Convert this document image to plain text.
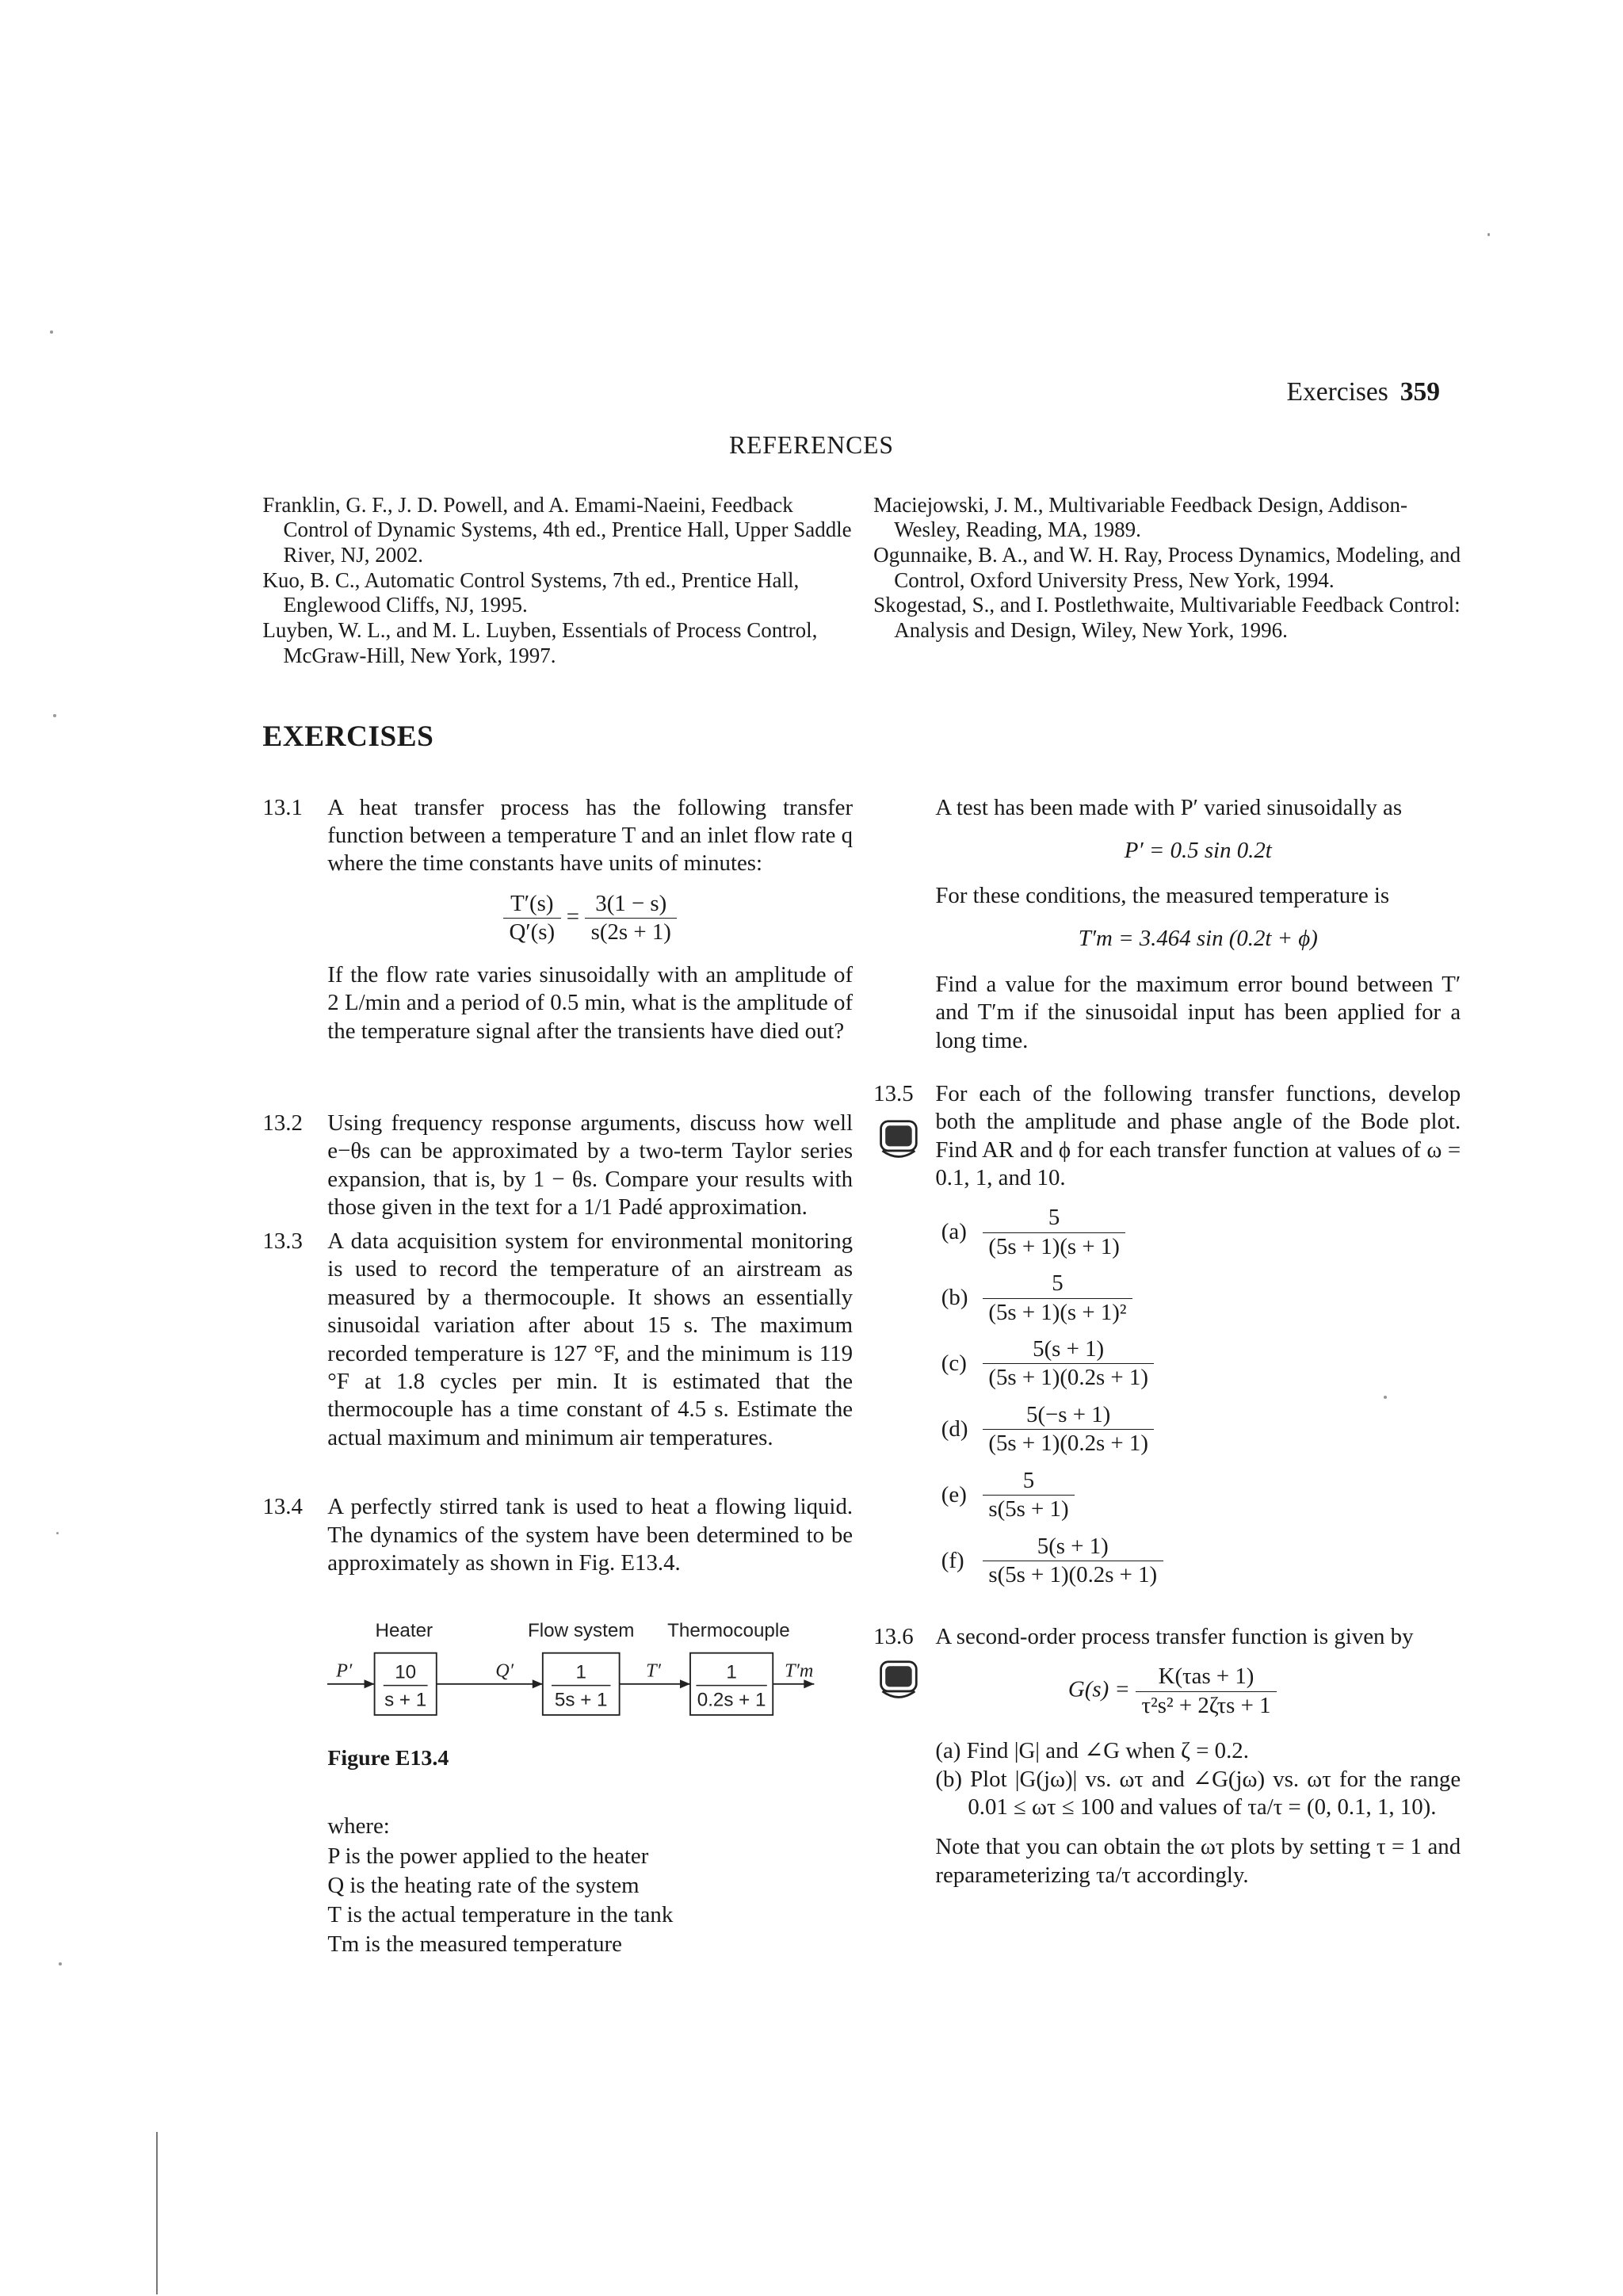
Exercises 359
REFERENCES

Franklin, G. F., J. D. Powell, and A. Emami-Naeini, Feedback Control of Dynamic Systems, 4th ed., Prentice Hall, Upper Saddle River, NJ, 2002.

Kuo, B. C., Automatic Control Systems, 7th ed., Prentice Hall, Englewood Cliffs, NJ, 1995.

Luyben, W. L., and M. L. Luyben, Essentials of Process Control, McGraw-Hill, New York, 1997.

Maciejowski, J. M., Multivariable Feedback Design, Addison-Wesley, Reading, MA, 1989.

Ogunnaike, B. A., and W. H. Ray, Process Dynamics, Modeling, and Control, Oxford University Press, New York, 1994.

Skogestad, S., and I. Postlethwaite, Multivariable Feedback Control: Analysis and Design, Wiley, New York, 1996.

EXERCISES
13.1 A heat transfer process has the following transfer function between a temperature T and an inlet flow rate q where the time constants have units of minutes:

$\frac{T'(s)}{Q'(s)} = \frac{3(1 - s)}{s(2s + 1)}$

If the flow rate varies sinusoidally with an amplitude of 2 L/min and a period of 0.5 min, what is the amplitude of the temperature signal after the transients have died out?

13.2 Using frequency response arguments, discuss how well e−θs can be approximated by a two-term Taylor series expansion, that is, by 1 − θs. Compare your results with those given in the text for a 1/1 Padé approximation.

13.3 A data acquisition system for environmental monitoring is used to record the temperature of an airstream as measured by a thermocouple. It shows an essentially sinusoidal variation after about 15 s. The maximum recorded temperature is 127 °F, and the minimum is 119 °F at 1.8 cycles per min. It is estimated that the thermocouple has a time constant of 4.5 s. Estimate the actual maximum and minimum air temperatures.

13.4 A perfectly stirred tank is used to heat a flowing liquid. The dynamics of the system have been determined to be approximately as shown in Fig. E13.4.

Heater	Flow system	Thermocouple
10
s + 1
1
5s + 1
1
0.2s + 1
P′	Q′	T′	T′m
Figure E13.4
where:
P is the power applied to the heater
Q is the heating rate of the system
T is the actual temperature in the tank
Tm is the measured temperature
A test has been made with P′ varied sinusoidally as
P′ = 0.5 sin 0.2t
For these conditions, the measured temperature is
T′m = 3.464 sin (0.2t + ϕ)
Find a value for the maximum error bound between T′ and T′m if the sinusoidal input has been applied for a long time.
13.5 For each of the following transfer functions, develop both the amplitude and phase angle of the Bode plot. Find AR and ϕ for each transfer function at values of ω = 0.1, 1, and 10.

(a)	$\frac{5}{(5s + 1)(s + 1)}$
(b)	$\frac{5}{\text{(5s + 1)(s + 1)²}}$
(c)	$\frac{5(s + 1)}{(5s + 1)(0.2s + 1)}$
(d)	$\frac{5(-s + 1)}{(5s + 1)(0.2s + 1)}$
(e)	$\frac{5}{s(5s + 1)}$
(f)	$\frac{5(s + 1)}{s(5s + 1)(0.2s + 1)}$
13.6 A second-order process transfer function is given by

$G(s) = \frac{\text{K(τas + 1)}}{\text{τ²s² + 2ζτs + 1}}$
(a) Find |G| and ∠G when ζ = 0.2.
(b) Plot |G(jω)| vs. ωτ and ∠G(jω) vs. ωτ for the range 0.01 ≤ ωτ ≤ 100 and values of τa/τ = (0, 0.1, 1, 10).
Note that you can obtain the ωτ plots by setting τ = 1 and reparameterizing τa/τ accordingly.
